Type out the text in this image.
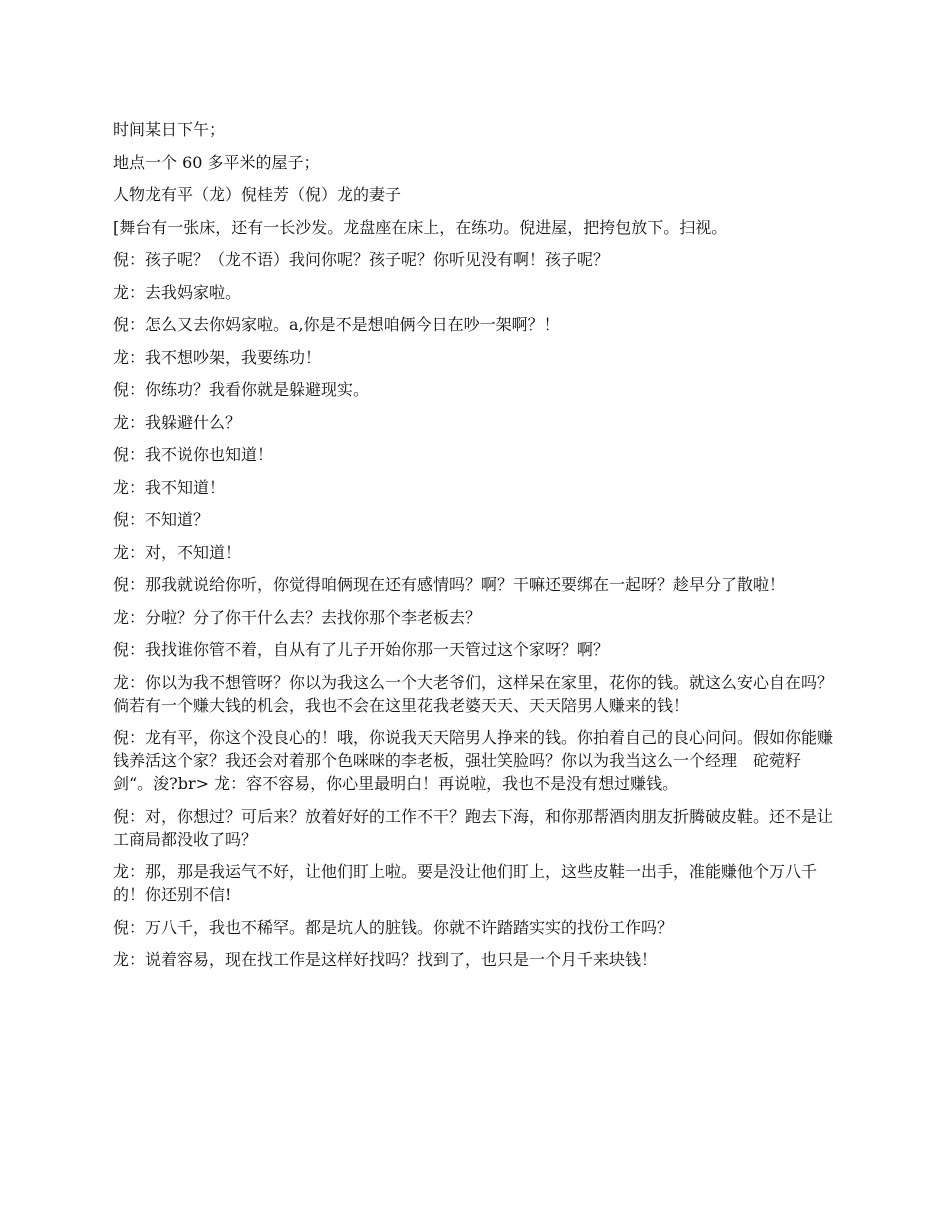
时间某日下午；

地点一个 60 多平米的屋子；

人物龙有平（龙）倪桂芳（倪）龙的妻子

[舞台有一张床，还有一长沙发。龙盘座在床上，在练功。倪进屋，把挎包放下。扫视。

倪：孩子呢？（龙不语）我问你呢？孩子呢？你听见没有啊！孩子呢？

龙：去我妈家啦。

倪：怎么又去你妈家啦。a,你是不是想咱俩今日在吵一架啊？！

龙：我不想吵架，我要练功！

倪：你练功？我看你就是躲避现实。

龙：我躲避什么？

倪：我不说你也知道！

龙：我不知道！

倪：不知道？

龙：对，不知道！

倪：那我就说给你听，你觉得咱俩现在还有感情吗？啊？干嘛还要绑在一起呀？趁早分了散啦！

龙：分啦？分了你干什么去？去找你那个李老板去？

倪：我找谁你管不着，自从有了儿子开始你那一天管过这个家呀？啊？

龙：你以为我不想管呀？你以为我这么一个大老爷们，这样呆在家里，花你的钱。就这么安心自在吗？倘若有一个赚大钱的机会，我也不会在这里花我老婆天天、天天陪男人赚来的钱！

倪：龙有平，你这个没良心的！哦，你说我天天陪男人挣来的钱。你拍着自己的良心问问。假如你能赚钱养活这个家？我还会对着那个色咪咪的李老板，强壮笑脸吗？你以为我当这么一个经理　砣菀籽剑“。浚?br> 龙：容不容易，你心里最明白！再说啦，我也不是没有想过赚钱。

倪：对，你想过？可后来？放着好好的工作不干？跑去下海，和你那帮酒肉朋友折腾破皮鞋。还不是让工商局都没收了吗？

龙：那，那是我运气不好，让他们盯上啦。要是没让他们盯上，这些皮鞋一出手，准能赚他个万八千的！你还别不信!

倪：万八千，我也不稀罕。都是坑人的脏钱。你就不许踏踏实实的找份工作吗？

龙：说着容易，现在找工作是这样好找吗？找到了，也只是一个月千来块钱！
